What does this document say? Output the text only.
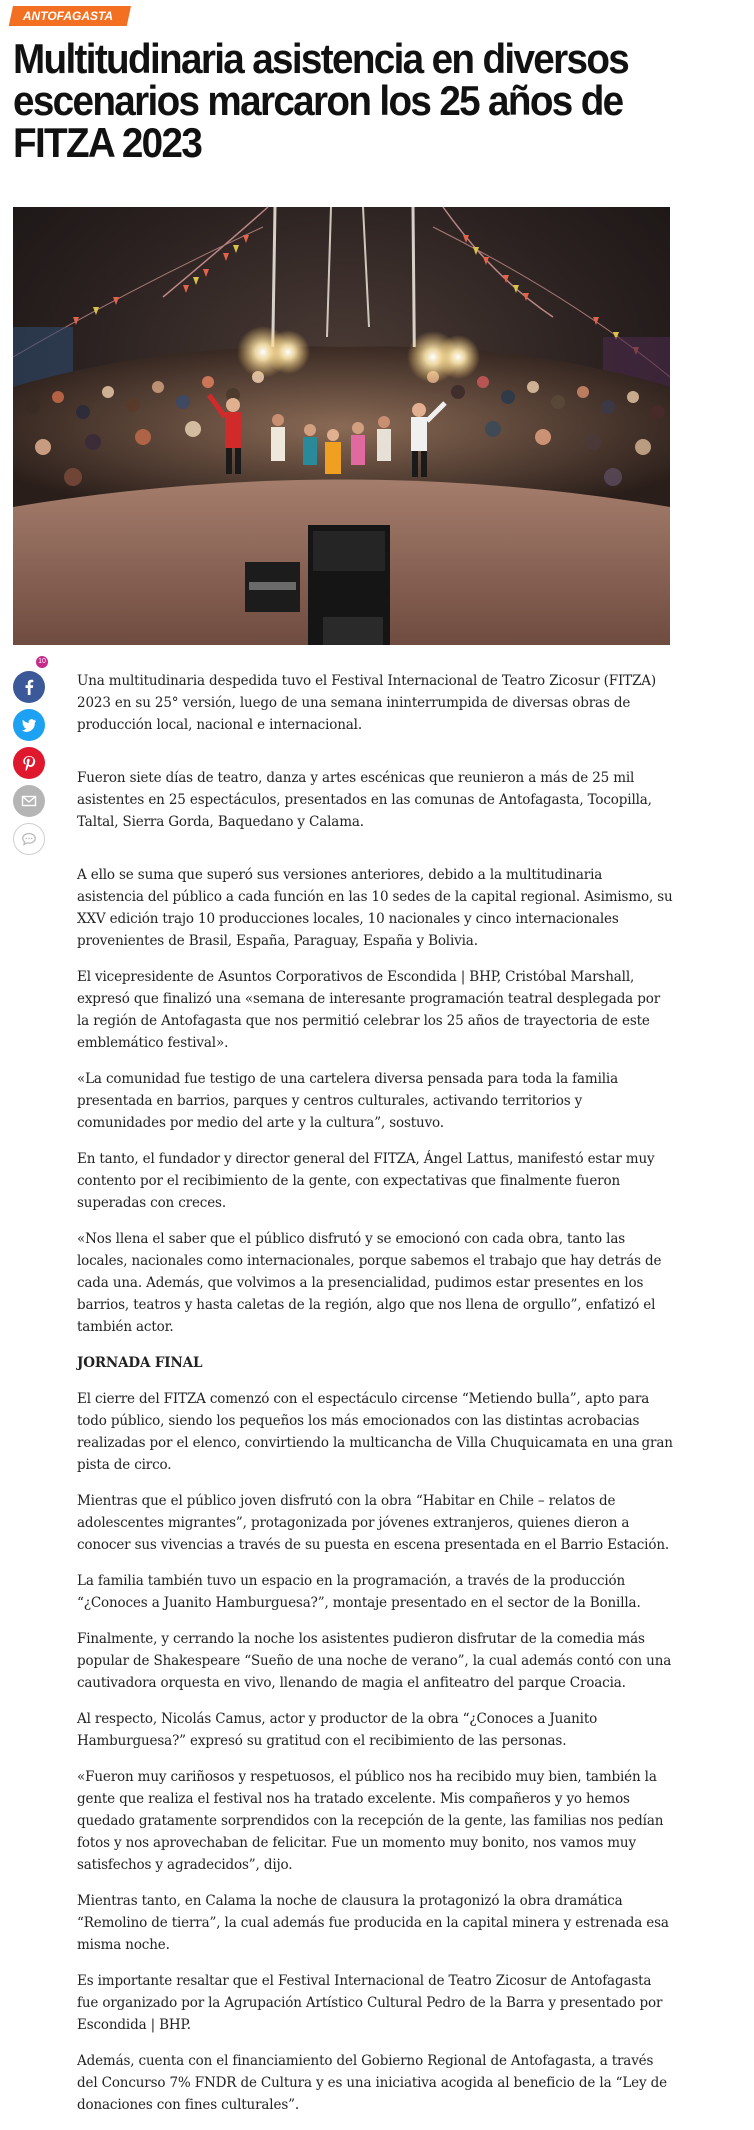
ANTOFAGASTA
Multitudinaria asistencia en diversos escenarios marcaron los 25 años de FITZA 2023
10

Una multitudinaria despedida tuvo el Festival Internacional de Teatro Zicosur (FITZA) 2023 en su 25° versión, luego de una semana ininterrumpida de diversas obras de producción local, nacional e internacional.

Fueron siete días de teatro, danza y artes escénicas que reunieron a más de 25 mil asistentes en 25 espectáculos, presentados en las comunas de Antofagasta, Tocopilla, Taltal, Sierra Gorda, Baquedano y Calama.

A ello se suma que superó sus versiones anteriores, debido a la multitudinaria asistencia del público a cada función en las 10 sedes de la capital regional. Asimismo, su XXV edición trajo 10 producciones locales, 10 nacionales y cinco internacionales provenientes de Brasil, España, Paraguay, España y Bolivia.

El vicepresidente de Asuntos Corporativos de Escondida | BHP, Cristóbal Marshall, expresó que finalizó una «semana de interesante programación teatral desplegada por la región de Antofagasta que nos permitió celebrar los 25 años de trayectoria de este emblemático festival».

«La comunidad fue testigo de una cartelera diversa pensada para toda la familia presentada en barrios, parques y centros culturales, activando territorios y comunidades por medio del arte y la cultura”, sostuvo.

En tanto, el fundador y director general del FITZA, Ángel Lattus, manifestó estar muy contento por el recibimiento de la gente, con expectativas que finalmente fueron superadas con creces.

«Nos llena el saber que el público disfrutó y se emocionó con cada obra, tanto las locales, nacionales como internacionales, porque sabemos el trabajo que hay detrás de cada una. Además, que volvimos a la presencialidad, pudimos estar presentes en los barrios, teatros y hasta caletas de la región, algo que nos llena de orgullo”, enfatizó el también actor.

JORNADA FINAL

El cierre del FITZA comenzó con el espectáculo circense “Metiendo bulla”, apto para todo público, siendo los pequeños los más emocionados con las distintas acrobacias realizadas por el elenco, convirtiendo la multicancha de Villa Chuquicamata en una gran pista de circo.

Mientras que el público joven disfrutó con la obra “Habitar en Chile – relatos de adolescentes migrantes”, protagonizada por jóvenes extranjeros, quienes dieron a conocer sus vivencias a través de su puesta en escena presentada en el Barrio Estación.

La familia también tuvo un espacio en la programación, a través de la producción “¿Conoces a Juanito Hamburguesa?”, montaje presentado en el sector de la Bonilla.

Finalmente, y cerrando la noche los asistentes pudieron disfrutar de la comedia más popular de Shakespeare “Sueño de una noche de verano”, la cual además contó con una cautivadora orquesta en vivo, llenando de magia el anfiteatro del parque Croacia.

Al respecto, Nicolás Camus, actor y productor de la obra “¿Conoces a Juanito Hamburguesa?” expresó su gratitud con el recibimiento de las personas.

«Fueron muy cariñosos y respetuosos, el público nos ha recibido muy bien, también la gente que realiza el festival nos ha tratado excelente. Mis compañeros y yo hemos quedado gratamente sorprendidos con la recepción de la gente, las familias nos pedían fotos y nos aprovechaban de felicitar. Fue un momento muy bonito, nos vamos muy satisfechos y agradecidos”, dijo.

Mientras tanto, en Calama la noche de clausura la protagonizó la obra dramática “Remolino de tierra”, la cual además fue producida en la capital minera y estrenada esa misma noche.

Es importante resaltar que el Festival Internacional de Teatro Zicosur de Antofagasta fue organizado por la Agrupación Artístico Cultural Pedro de la Barra y presentado por Escondida | BHP.

Además, cuenta con el financiamiento del Gobierno Regional de Antofagasta, a través del Concurso 7% FNDR de Cultura y es una iniciativa acogida al beneficio de la “Ley de donaciones con fines culturales”.
